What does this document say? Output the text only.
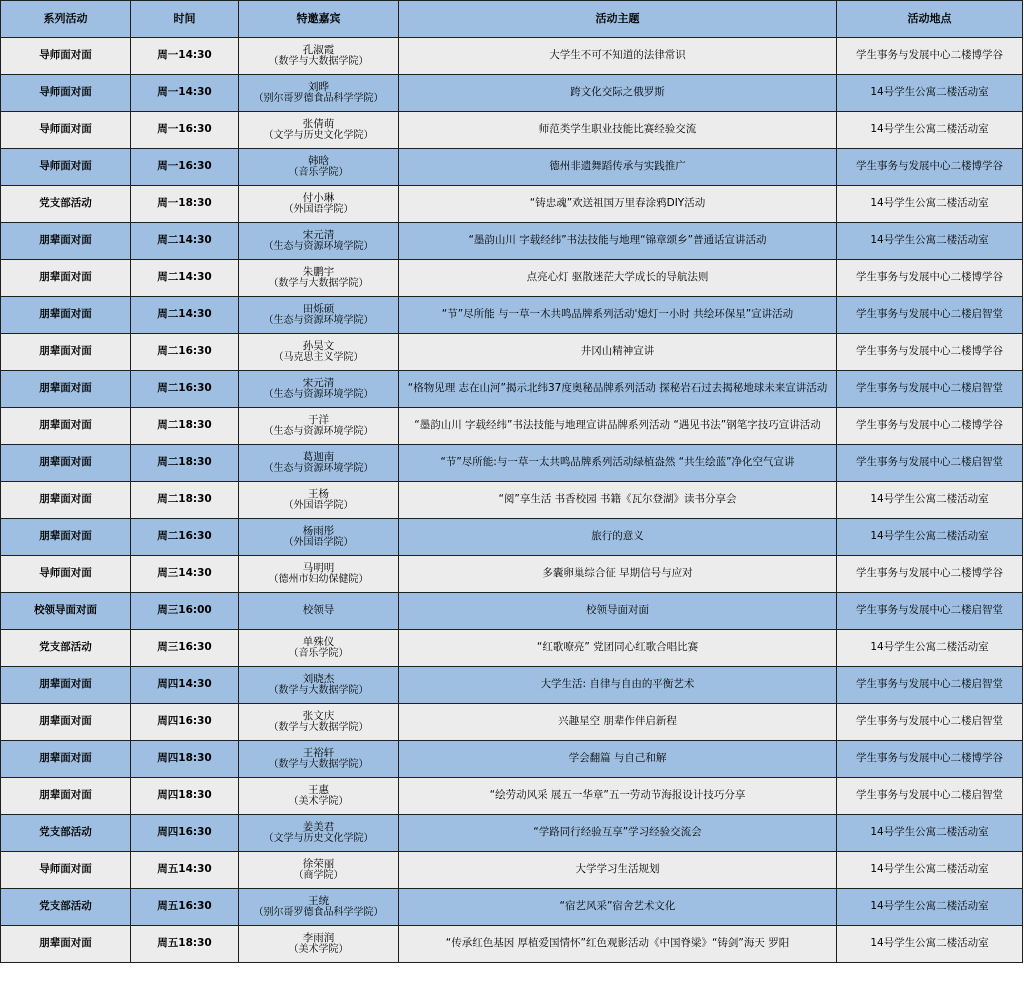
系列活动	时间	特邀嘉宾	活动主题	活动地点
导师面对面	周一14:30	孔淑霞
（数学与大数据学院）	大学生不可不知道的法律常识	学生事务与发展中心二楼博学谷
导师面对面	周一14:30	刘晔
（别尔哥罗德食品科学学院）	跨文化交际之俄罗斯	14号学生公寓二楼活动室
导师面对面	周一16:30	张倩萌
（文学与历史文化学院）	师范类学生职业技能比赛经验交流	14号学生公寓二楼活动室
导师面对面	周一16:30	韩晗
（音乐学院）	德州非遗舞蹈传承与实践推广	学生事务与发展中心二楼博学谷
党支部活动	周一18:30	付小琳
（外国语学院）	“铸忠魂”欢送祖国万里春涂鸦DIY活动	14号学生公寓二楼活动室
朋辈面对面	周二14:30	宋元清
（生态与资源环境学院）	“墨韵山川 字载经纬”书法技能与地理“锦章颂乡”普通话宣讲活动	14号学生公寓二楼活动室
朋辈面对面	周二14:30	朱鹏宇
（数学与大数据学院）	点亮心灯 驱散迷茫大学成长的导航法则	学生事务与发展中心二楼博学谷
朋辈面对面	周二14:30	田烁硕
（生态与资源环境学院）	“节”尽所能 与一草一木共鸣品牌系列活动'熄灯一小时 共绘环保星”宣讲活动	学生事务与发展中心二楼启智堂
朋辈面对面	周二16:30	孙昊文
（马克思主义学院）	井冈山精神宣讲	学生事务与发展中心二楼博学谷
朋辈面对面	周二16:30	宋元清
（生态与资源环境学院）	“格物见理 志在山河”揭示北纬37度奥秘品牌系列活动 探秘岩石过去揭秘地球未来宣讲活动	学生事务与发展中心二楼启智堂
朋辈面对面	周二18:30	于洋
（生态与资源环境学院）	“墨韵山川 字载经纬”书法技能与地理宣讲品牌系列活动 “遇见书法”钢笔字技巧宣讲活动	学生事务与发展中心二楼博学谷
朋辈面对面	周二18:30	葛迦南
（生态与资源环境学院）	“节”尽所能:与一草一太共鸣品牌系列活动绿植盎然 “共生绘蓝”净化空气宣讲	学生事务与发展中心二楼启智堂
朋辈面对面	周二18:30	王杨
（外国语学院）	“阅”享生活 书香校园 书籍《瓦尔登湖》读书分享会	14号学生公寓二楼活动室
朋辈面对面	周二16:30	杨雨彤
（外国语学院）	旅行的意义	14号学生公寓二楼活动室
导师面对面	周三14:30	马明明
（德州市妇幼保健院）	多囊卵巢综合征 早期信号与应对	学生事务与发展中心二楼博学谷
校领导面对面	周三16:00	校领导	校领导面对面	学生事务与发展中心二楼启智堂
党支部活动	周三16:30	单殊仪
（音乐学院）	“红歌嘹亮” 党团同心红歌合唱比赛	14号学生公寓二楼活动室
朋辈面对面	周四14:30	刘晓杰
（数学与大数据学院）	大学生活: 自律与自由的平衡艺术	学生事务与发展中心二楼启智堂
朋辈面对面	周四16:30	张文庆
（数学与大数据学院）	兴趣星空 朋辈作伴启新程	学生事务与发展中心二楼启智堂
朋辈面对面	周四18:30	王裕轩
（数学与大数据学院）	学会翻篇 与自己和解	学生事务与发展中心二楼博学谷
朋辈面对面	周四18:30	王惠
（美术学院）	“绘劳动风采 展五一华章”五一劳动节海报设计技巧分享	学生事务与发展中心二楼启智堂
党支部活动	周四16:30	姜美君
（文学与历史文化学院）	“学路同行经验互享”学习经验交流会	14号学生公寓二楼活动室
导师面对面	周五14:30	徐荣丽
（商学院）	大学学习生活规划	14号学生公寓二楼活动室
党支部活动	周五16:30	王统
（别尔哥罗德食品科学学院）	“宿艺风采”宿舍艺术文化	14号学生公寓二楼活动室
朋辈面对面	周五18:30	李雨润
（美术学院）	“传承红色基因 厚植爱国情怀”红色观影活动《中国脊梁》“铸剑”海天 罗阳	14号学生公寓二楼活动室
